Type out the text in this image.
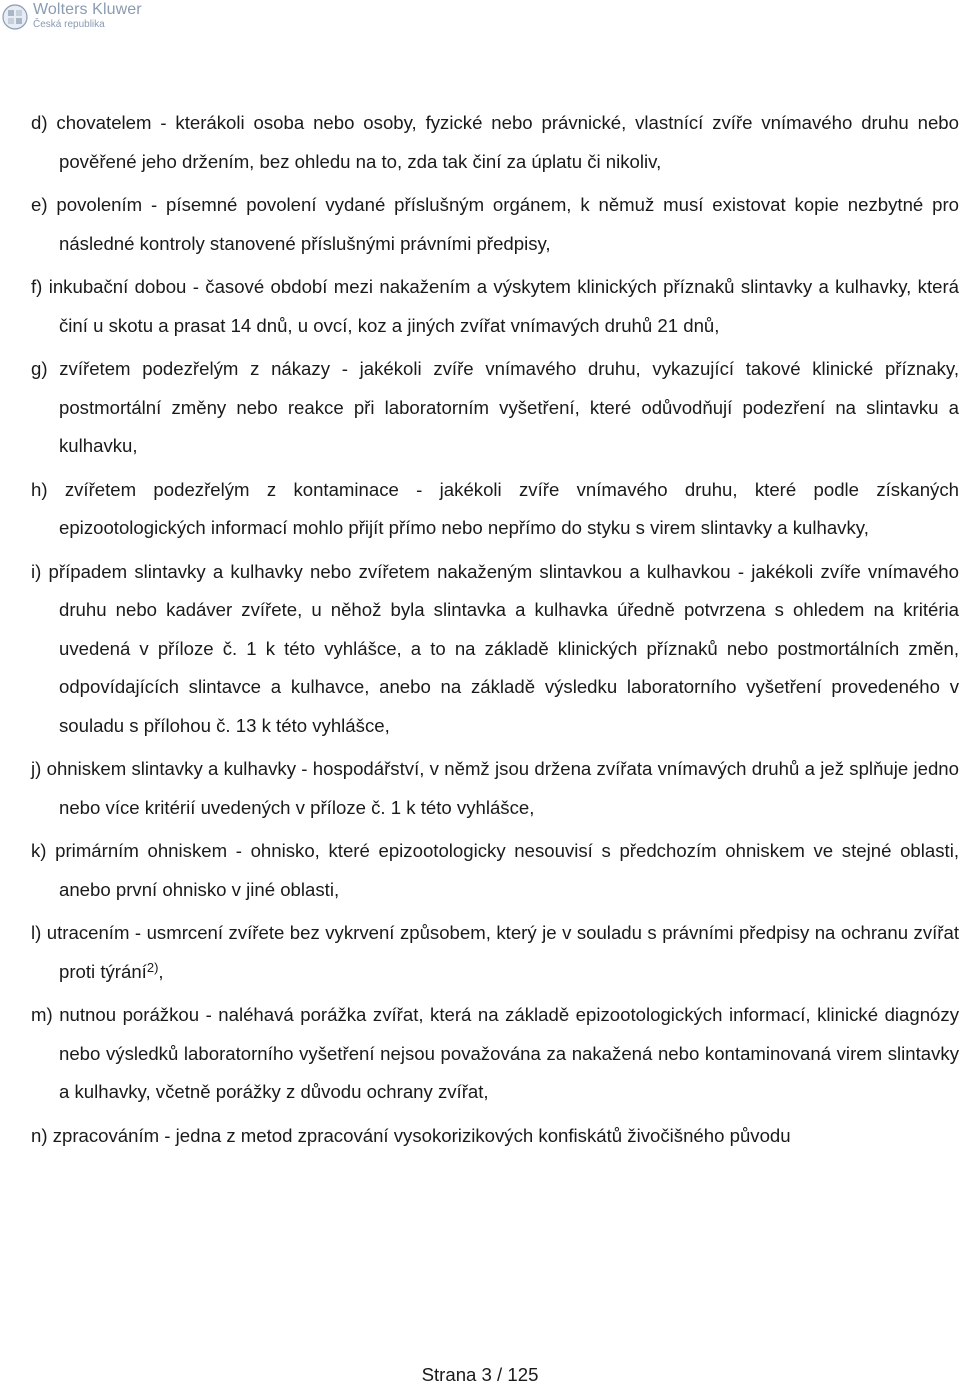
Wolters Kluwer
Česká republika

d) chovatelem - kterákoli osoba nebo osoby, fyzické nebo právnické, vlastnící zvíře vnímavého druhu nebo pověřené jeho držením, bez ohledu na to, zda tak činí za úplatu či nikoliv,

e) povolením - písemné povolení vydané příslušným orgánem, k němuž musí existovat kopie nezbytné pro následné kontroly stanovené příslušnými právními předpisy,

f) inkubační dobou - časové období mezi nakažením a výskytem klinických příznaků slintavky a kulhavky, která činí u skotu a prasat 14 dnů, u ovcí, koz a jiných zvířat vnímavých druhů 21 dnů,

g) zvířetem podezřelým z nákazy - jakékoli zvíře vnímavého druhu, vykazující takové klinické příznaky, postmortální změny nebo reakce při laboratorním vyšetření, které odůvodňují podezření na slintavku a kulhavku,

h) zvířetem podezřelým z kontaminace - jakékoli zvíře vnímavého druhu, které podle získaných epizootologických informací mohlo přijít přímo nebo nepřímo do styku s virem slintavky a kulhavky,

i) případem slintavky a kulhavky nebo zvířetem nakaženým slintavkou a kulhavkou - jakékoli zvíře vnímavého druhu nebo kadáver zvířete, u něhož byla slintavka a kulhavka úředně potvrzena s ohledem na kritéria uvedená v příloze č. 1 k této vyhlášce, a to na základě klinických příznaků nebo postmortálních změn, odpovídajících slintavce a kulhavce, anebo na základě výsledku laboratorního vyšetření provedeného v souladu s přílohou č. 13 k této vyhlášce,

j) ohniskem slintavky a kulhavky - hospodářství, v němž jsou držena zvířata vnímavých druhů a jež splňuje jedno nebo více kritérií uvedených v příloze č. 1 k této vyhlášce,

k) primárním ohniskem - ohnisko, které epizootologicky nesouvisí s předchozím ohniskem ve stejné oblasti, anebo první ohnisko v jiné oblasti,

l) utracením - usmrcení zvířete bez vykrvení způsobem, který je v souladu s právními předpisy na ochranu zvířat proti týrání$^{2)}$,

m) nutnou porážkou - naléhavá porážka zvířat, která na základě epizootologických informací, klinické diagnózy nebo výsledků laboratorního vyšetření nejsou považována za nakažená nebo kontaminovaná virem slintavky a kulhavky, včetně porážky z důvodu ochrany zvířat,

n) zpracováním - jedna z metod zpracování vysokorizikových konfiskátů živočišného původu

Strana 3 / 125
